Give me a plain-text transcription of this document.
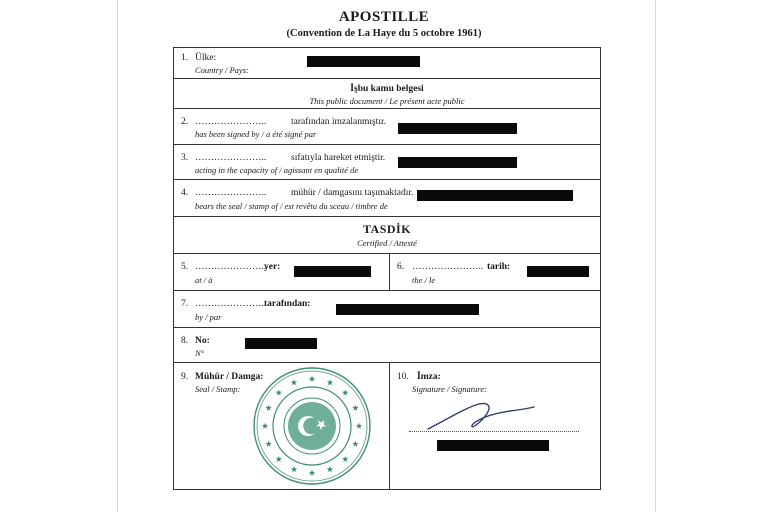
APOSTILLE
(Convention de La Haye du 5 octobre 1961)
1. Ülke:
Country / Pays:
İşbu kamu belgesi
This public document / Le présent acte public
2. …………………..	tarafından imzalanmıştır.
has been signed by / a été signé par
3. …………………..	sıfatıyla hareket etmiştir.
acting in the capacity of / agissant en qualité de
4. …………………..	mühür / damgasını taşımaktadır.
bears the seal / stamp of / est revêtu du sceau / timbre de
TASDİK
Certified / Attesté
5. …………………..
yer:
at / à
6. ………………….. tarih:
the / le
7. …………………..
tarafından:
by / par
8. No:
N°
9. Mühür / Damga:
Seal / Stamp:
10. İmza:
Signature / Signature:
